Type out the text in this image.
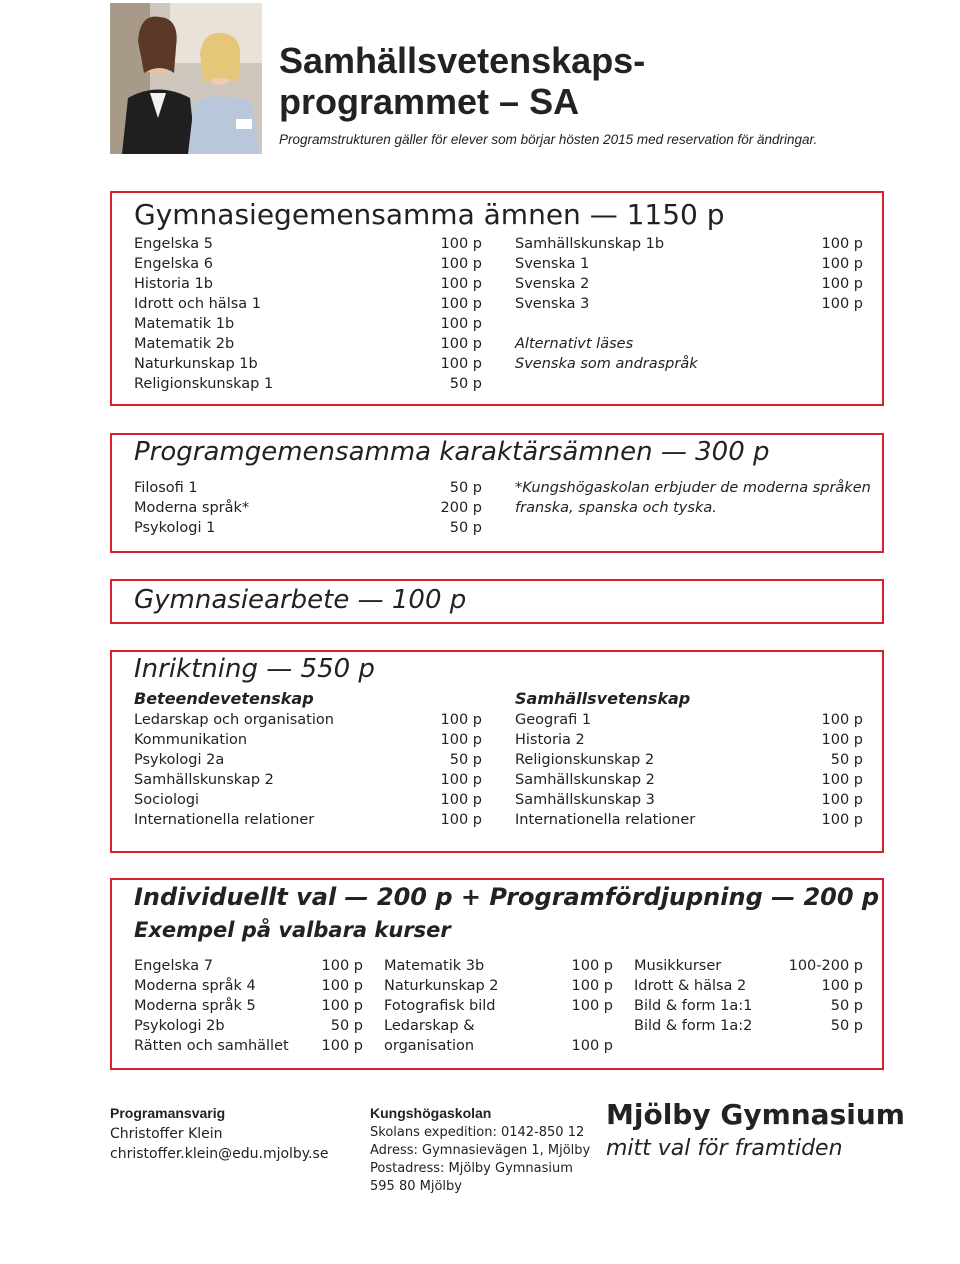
Samhällsvetenskaps-
programmet – SA
Programstrukturen gäller för elever som börjar hösten 2015 med reservation för ändringar.
Gymnasiegemensamma ämnen — 1150 p
Engelska 5	100 p
Engelska 6	100 p
Historia 1b	100 p
Idrott och hälsa 1	100 p
Matematik 1b	100 p
Matematik 2b	100 p
Naturkunskap 1b	100 p
Religionskunskap 1	50 p
Samhällskunskap 1b	100 p
Svenska 1	100 p
Svenska 2	100 p
Svenska 3	100 p
Alternativt läses
Svenska som andraspråk
Programgemensamma karaktärsämnen — 300 p
Filosofi 1	50 p
Moderna språk*	200 p
Psykologi 1	50 p
*Kungshögaskolan erbjuder de moderna språken
franska, spanska och tyska.
Gymnasiearbete — 100 p
Inriktning — 550 p
Beteendevetenskap	Samhällsvetenskap
Ledarskap och organisation	100 p
Kommunikation	100 p
Psykologi 2a	50 p
Samhällskunskap 2	100 p
Sociologi	100 p
Internationella relationer	100 p
Geografi 1	100 p
Historia 2	100 p
Religionskunskap 2	50 p
Samhällskunskap 2	100 p
Samhällskunskap 3	100 p
Internationella relationer	100 p
Individuellt val — 200 p + Programfördjupning — 200 p
Exempel på valbara kurser
Engelska 7	100 p
Moderna språk 4	100 p
Moderna språk 5	100 p
Psykologi 2b	50 p
Rätten och samhället 100 p
Matematik 3b	100 p
Naturkunskap 2	100 p
Fotografisk bild	100 p
Ledarskap &
organisation	100 p
Musikkurser	100-200 p
Idrott & hälsa 2	100 p
Bild & form 1a:1	50 p
Bild & form 1a:2	50 p
Programansvarig
Christoffer Klein
christoffer.klein@edu.mjolby.se
Kungshögaskolan
Skolans expedition: 0142-850 12
Adress: Gymnasievägen 1, Mjölby
Postadress: Mjölby Gymnasium
595 80 Mjölby
Mjölby Gymnasium
mitt val för framtiden
